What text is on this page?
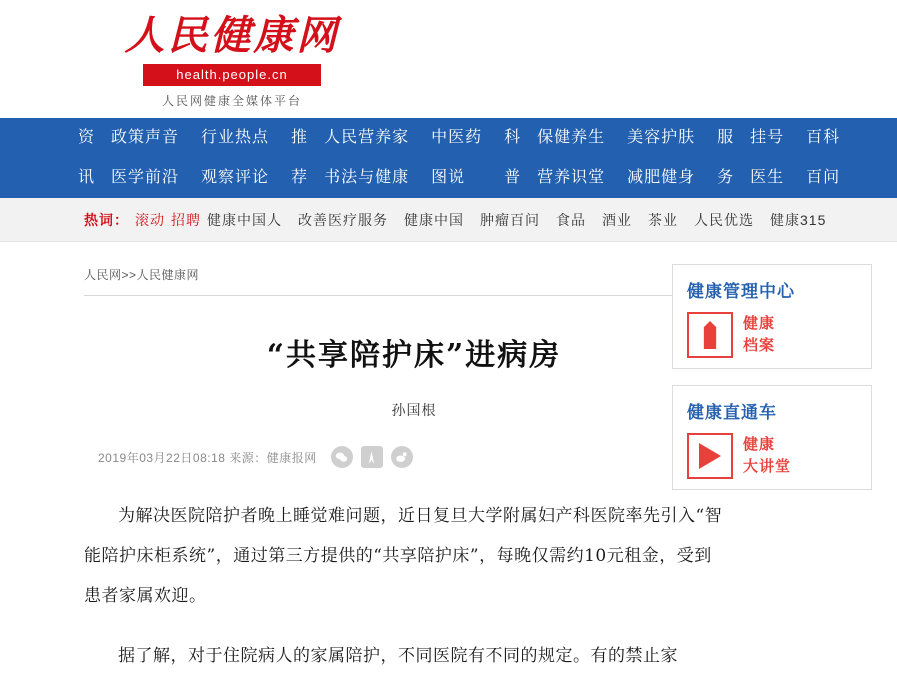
人民健康网
health.people.cn
人民网健康全媒体平台
资
讯
政策声音
医学前沿
行业热点
观察评论
推
荐
人民营养家
书法与健康
中医药
图说
科
普
保健养生
营养识堂
美容护肤
减肥健身
服
务
挂号
医生
百科
百问
热词： 滚动 招聘 健康中国人 改善医疗服务 健康中国 肿瘤百问 食品 酒业 茶业 人民优选 健康315
人民网>>人民健康网
“共享陪护床”进病房
孙国根
2019年03月22日08:18 来源：健康报网

为解决医院陪护者晚上睡觉难问题，近日复旦大学附属妇产科医院率先引入“智能陪护床柜系统”，通过第三方提供的“共享陪护床”，每晚仅需约10元租金，受到患者家属欢迎。

据了解，对于住院病人的家属陪护，不同医院有不同的规定。有的禁止家

健康管理中心
健康
档案
健康直通车
健康
大讲堂
